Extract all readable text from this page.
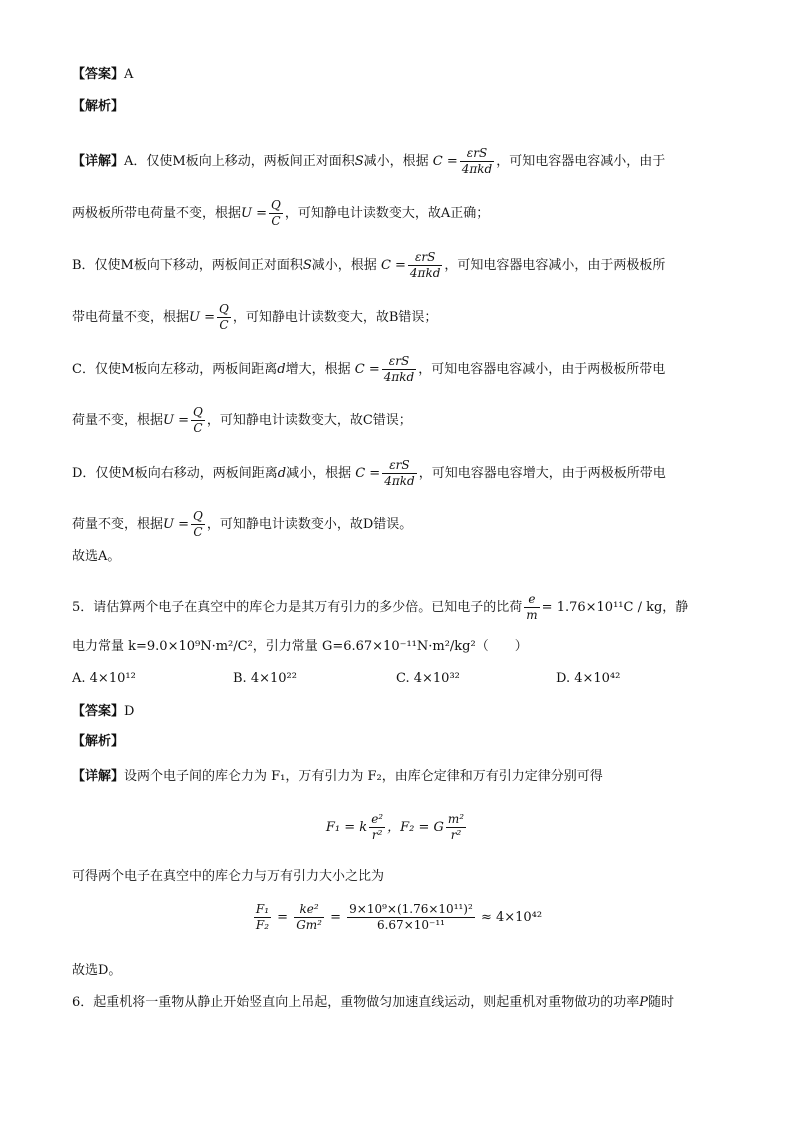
【答案】A
【解析】
【详解】A．仅使M板向上移动，两板间正对面积S减小，根据 $C = \frac{\text{εrS}}{\text{4πkd}}$ ，可知电容器电容减小，由于
两极板所带电荷量不变，根据$U = \frac{Q}{C}$ ，可知静电计读数变大，故A正确；
B．仅使M板向下移动，两板间正对面积S减小，根据 $C = \frac{\text{εrS}}{\text{4πkd}}$ ，可知电容器电容减小，由于两极板所
带电荷量不变，根据$U = \frac{Q}{C}$ ，可知静电计读数变大，故B错误；
C．仅使M板向左移动，两板间距离d增大，根据 $C = \frac{\text{εrS}}{\text{4πkd}}$ ，可知电容器电容减小，由于两极板所带电
荷量不变，根据$U = \frac{Q}{C}$ ，可知静电计读数变大，故C错误；
D．仅使M板向右移动，两板间距离d减小，根据 $C = \frac{\text{εrS}}{\text{4πkd}}$ ，可知电容器电容增大，由于两极板所带电
荷量不变，根据$U = \frac{Q}{C}$ ，可知静电计读数变小，故D错误。
故选A。
5．请估算两个电子在真空中的库仑力是其万有引力的多少倍。已知电子的比荷 $\frac{e}{m} = 1.76\times 10^{11}C$ / kg，静
电力常量 k=9.0×10⁹N·m²/C²，引力常量 G=6.67×10⁻¹¹N·m²/kg²（　　）
A. 4×10¹²	B. 4×10²²	C. 4×10³²	D. 4×10⁴²
【答案】D
【解析】
【详解】设两个电子间的库仑力为 F₁，万有引力为 F₂，由库仑定律和万有引力定律分别可得
F₁ = k $\frac{\text{e²}}{\text{r²}}$ ，F₂ = G $\frac{\text{m²}}{\text{r²}}$
可得两个电子在真空中的库仑力与万有引力大小之比为
$\frac{\text{F₁}}{\text{F₂}} = \frac{\text{ke²}}{\text{Gm²}} = \frac{\text{9×10⁹×(1.76×10¹¹)²}}{\text{6.67×10⁻¹¹}} \approx 4\times 10^{42}$
故选D。
6．起重机将一重物从静止开始竖直向上吊起，重物做匀加速直线运动，则起重机对重物做功的功率P随时
